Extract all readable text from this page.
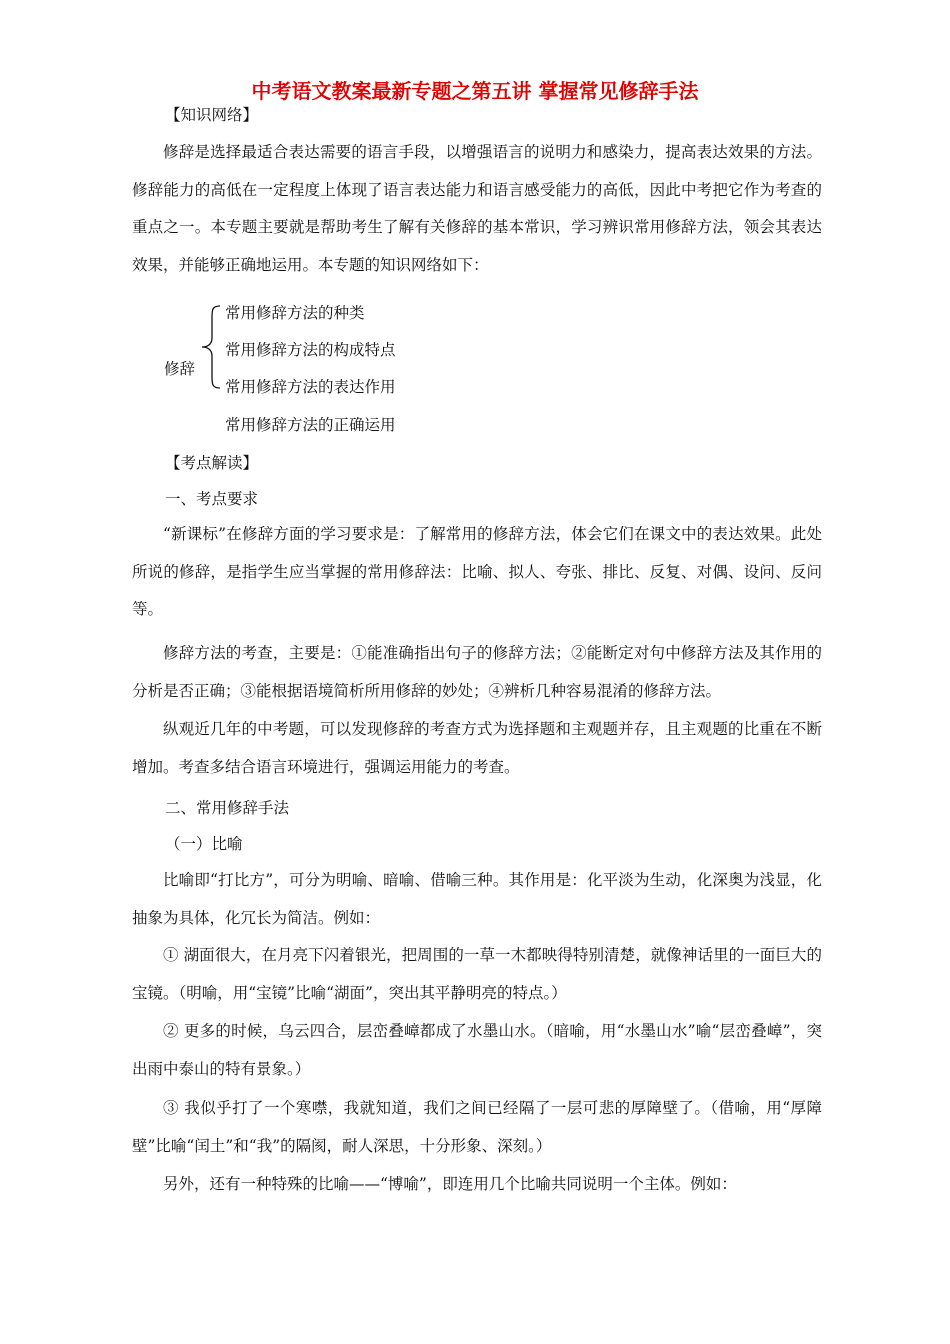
中考语文教案最新专题之第五讲 掌握常见修辞手法
【知识网络】

修辞是选择最适合表达需要的语言手段，以增强语言的说明力和感染力，提高表达效果的方法。修辞能力的高低在一定程度上体现了语言表达能力和语言感受能力的高低，因此中考把它作为考查的重点之一。本专题主要就是帮助考生了解有关修辞的基本常识，学习辨识常用修辞方法，领会其表达效果，并能够正确地运用。本专题的知识网络如下：

修辞
常用修辞方法的种类
常用修辞方法的构成特点
常用修辞方法的表达作用
常用修辞方法的正确运用
【考点解读】
一、考点要求

“新课标”在修辞方面的学习要求是：了解常用的修辞方法，体会它们在课文中的表达效果。此处所说的修辞，是指学生应当掌握的常用修辞法：比喻、拟人、夸张、排比、反复、对偶、设问、反问等。

修辞方法的考查，主要是：①能准确指出句子的修辞方法；②能断定对句中修辞方法及其作用的分析是否正确；③能根据语境简析所用修辞的妙处；④辨析几种容易混淆的修辞方法。

纵观近几年的中考题，可以发现修辞的考查方式为选择题和主观题并存，且主观题的比重在不断增加。考查多结合语言环境进行，强调运用能力的考查。

二、常用修辞手法
（一）比喻

比喻即“打比方”，可分为明喻、暗喻、借喻三种。其作用是：化平淡为生动，化深奥为浅显，化抽象为具体，化冗长为简洁。例如：

① 湖面很大，在月亮下闪着银光，把周围的一草一木都映得特别清楚，就像神话里的一面巨大的宝镜。（明喻，用“宝镜”比喻“湖面”，突出其平静明亮的特点。）

② 更多的时候，乌云四合，层峦叠嶂都成了水墨山水。（暗喻，用“水墨山水”喻“层峦叠嶂”，突出雨中泰山的特有景象。）

③ 我似乎打了一个寒噤，我就知道，我们之间已经隔了一层可悲的厚障壁了。（借喻，用“厚障壁”比喻“闰土”和“我”的隔阂，耐人深思，十分形象、深刻。）

另外，还有一种特殊的比喻——“博喻”，即连用几个比喻共同说明一个主体。例如：
